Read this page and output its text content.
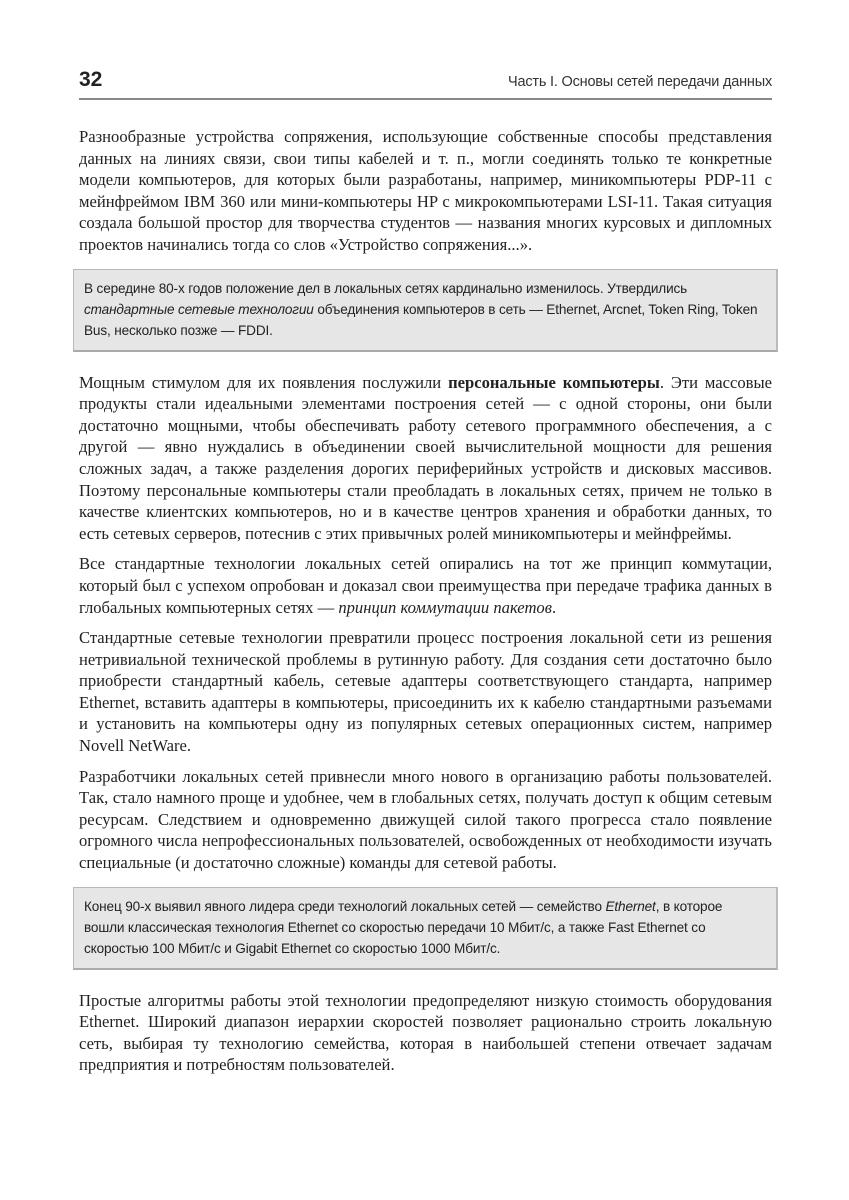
32	Часть I. Основы сетей передачи данных

Разнообразные устройства сопряжения, использующие собственные способы представления данных на линиях связи, свои типы кабелей и т. п., могли соединять только те конкретные модели компьютеров, для которых были разработаны, например, миникомпьютеры PDP-11 с мейнфреймом IBM 360 или мини-компьютеры HP с микрокомпьютерами LSI-11. Такая ситуация создала большой простор для творчества студентов — названия многих курсовых и дипломных проектов начинались тогда со слов «Устройство сопряжения...».

В середине 80-х годов положение дел в локальных сетях кардинально изменилось. Утвердились стандартные сетевые технологии объединения компьютеров в сеть — Ethernet, Arcnet, Token Ring, Token Bus, несколько позже — FDDI.

Мощным стимулом для их появления послужили персональные компьютеры. Эти массовые продукты стали идеальными элементами построения сетей — с одной стороны, они были достаточно мощными, чтобы обеспечивать работу сетевого программного обеспечения, а с другой — явно нуждались в объединении своей вычислительной мощности для решения сложных задач, а также разделения дорогих периферийных устройств и дисковых массивов. Поэтому персональные компьютеры стали преобладать в локальных сетях, причем не только в качестве клиентских компьютеров, но и в качестве центров хранения и обработки данных, то есть сетевых серверов, потеснив с этих привычных ролей миникомпьютеры и мейнфреймы.

Все стандартные технологии локальных сетей опирались на тот же принцип коммутации, который был с успехом опробован и доказал свои преимущества при передаче трафика данных в глобальных компьютерных сетях — принцип коммутации пакетов.

Стандартные сетевые технологии превратили процесс построения локальной сети из решения нетривиальной технической проблемы в рутинную работу. Для создания сети достаточно было приобрести стандартный кабель, сетевые адаптеры соответствующего стандарта, например Ethernet, вставить адаптеры в компьютеры, присоединить их к кабелю стандартными разъемами и установить на компьютеры одну из популярных сетевых операционных систем, например Novell NetWare.

Разработчики локальных сетей привнесли много нового в организацию работы пользователей. Так, стало намного проще и удобнее, чем в глобальных сетях, получать доступ к общим сетевым ресурсам. Следствием и одновременно движущей силой такого прогресса стало появление огромного числа непрофессиональных пользователей, освобожденных от необходимости изучать специальные (и достаточно сложные) команды для сетевой работы.

Конец 90-х выявил явного лидера среди технологий локальных сетей — семейство Ethernet, в которое вошли классическая технология Ethernet со скоростью передачи 10 Мбит/с, а также Fast Ethernet со скоростью 100 Мбит/с и Gigabit Ethernet со скоростью 1000 Мбит/с.

Простые алгоритмы работы этой технологии предопределяют низкую стоимость оборудования Ethernet. Широкий диапазон иерархии скоростей позволяет рационально строить локальную сеть, выбирая ту технологию семейства, которая в наибольшей степени отвечает задачам предприятия и потребностям пользователей.
